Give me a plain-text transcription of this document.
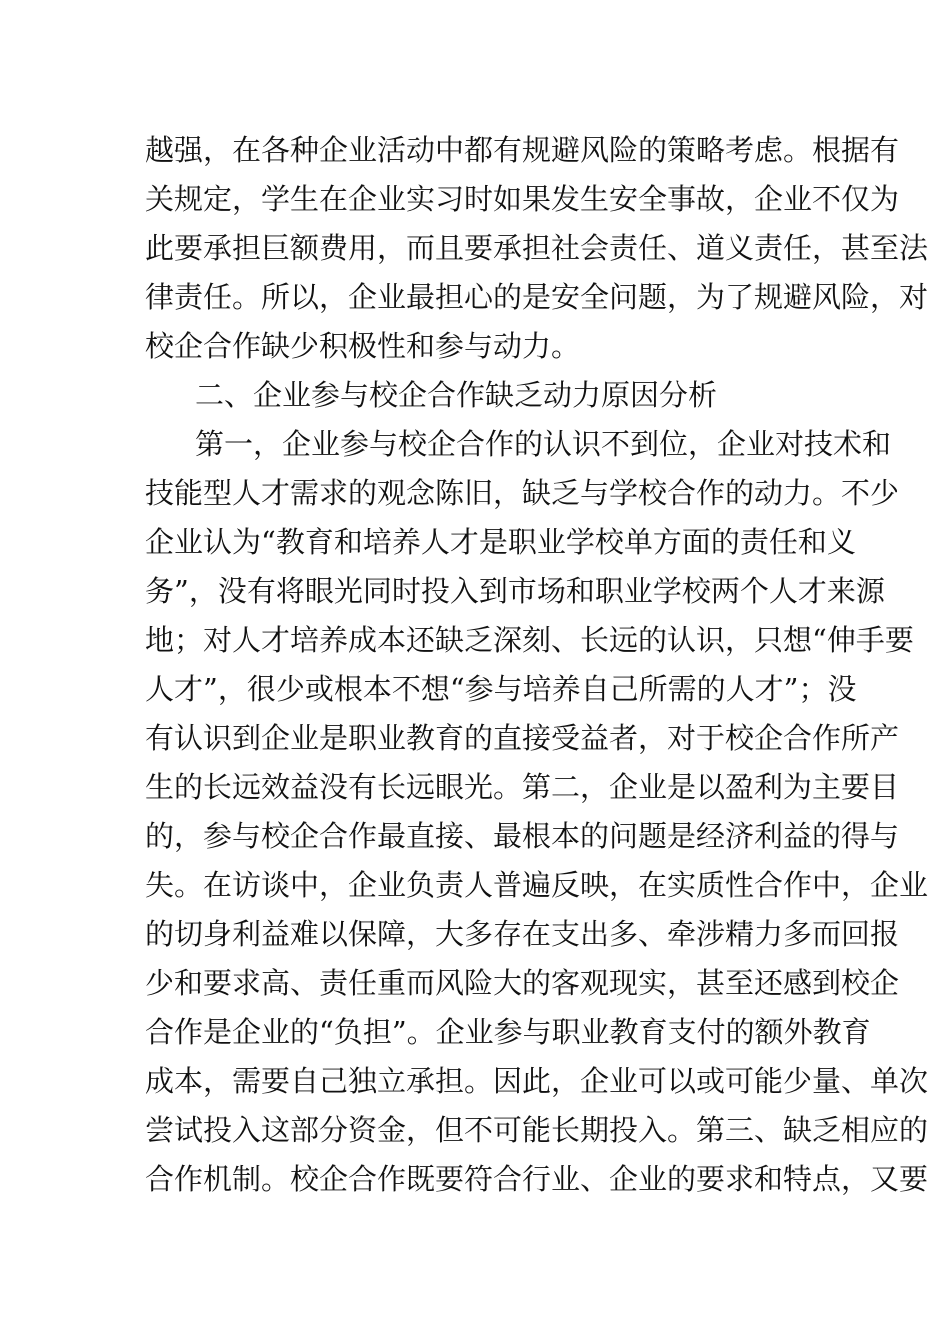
越强，在各种企业活动中都有规避风险的策略考虑。根据有
关规定，学生在企业实习时如果发生安全事故，企业不仅为
此要承担巨额费用，而且要承担社会责任、道义责任，甚至法
律责任。所以，企业最担心的是安全问题，为了规避风险，对
校企合作缺少积极性和参与动力。
二、企业参与校企合作缺乏动力原因分析
第一，企业参与校企合作的认识不到位，企业对技术和
技能型人才需求的观念陈旧，缺乏与学校合作的动力。不少
企业认为“教育和培养人才是职业学校单方面的责任和义
务”，没有将眼光同时投入到市场和职业学校两个人才来源
地；对人才培养成本还缺乏深刻、长远的认识，只想“伸手要
人才”，很少或根本不想“参与培养自己所需的人才”；没
有认识到企业是职业教育的直接受益者，对于校企合作所产
生的长远效益没有长远眼光。第二，企业是以盈利为主要目
的，参与校企合作最直接、最根本的问题是经济利益的得与
失。在访谈中，企业负责人普遍反映，在实质性合作中，企业
的切身利益难以保障，大多存在支出多、牵涉精力多而回报
少和要求高、责任重而风险大的客观现实，甚至还感到校企
合作是企业的“负担”。企业参与职业教育支付的额外教育
成本，需要自己独立承担。因此，企业可以或可能少量、单次
尝试投入这部分资金，但不可能长期投入。第三、缺乏相应的
合作机制。校企合作既要符合行业、企业的要求和特点，又要
